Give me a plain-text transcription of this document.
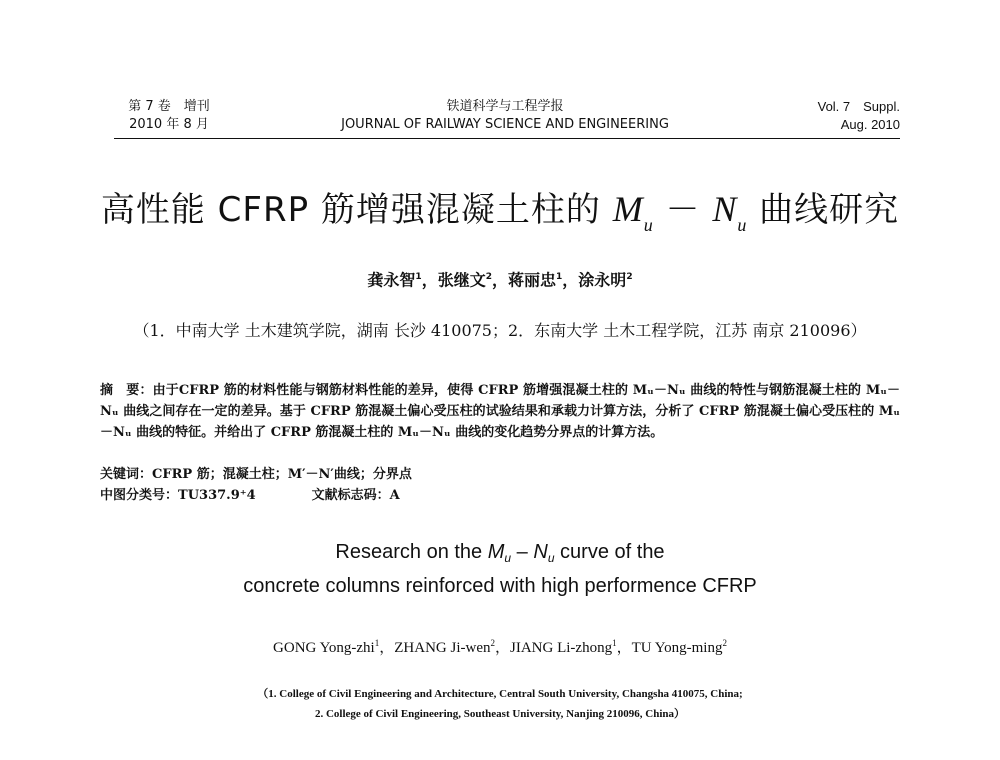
第 7 卷　增刊
2010 年 8 月
铁道科学与工程学报
JOURNAL OF RAILWAY SCIENCE AND ENGINEERING
Vol. 7　Suppl.
Aug. 2010
高性能 CFRP 筋增强混凝土柱的 $M_u - N_u$ 曲线研究
龚永智$^1$，张继文$^2$，蒋丽忠$^1$，涂永明$^2$
（1．中南大学 土木建筑学院，湖南 长沙 410075；2．东南大学 土木工程学院，江苏 南京 210096）
摘　要：由于CFRP 筋的材料性能与钢筋材料性能的差异，使得 CFRP 筋增强混凝土柱的 Mᵤ－Nᵤ 曲线的特性与钢筋混凝土柱的 Mᵤ－Nᵤ 曲线之间存在一定的差异。基于 CFRP 筋混凝土偏心受压柱的试验结果和承载力计算方法，分析了 CFRP 筋混凝土偏心受压柱的 Mᵤ－Nᵤ 曲线的特征。并给出了 CFRP 筋混凝土柱的 Mᵤ－Nᵤ 曲线的变化趋势分界点的计算方法。
关键词：CFRP 筋；混凝土柱；M′－N′曲线；分界点
中图分类号：TU337.9⁺4	文献标志码：A
Research on the $M_u - N_u$ curve of the
concrete columns reinforced with high performence CFRP
GONG Yong-zhi$^1$，ZHANG Ji-wen$^2$，JIANG Li-zhong$^1$，TU Yong-ming$^2$
（1. College of Civil Engineering and Architecture, Central South University, Changsha 410075, China;
2. College of Civil Engineering, Southeast University, Nanjing 210096, China）
